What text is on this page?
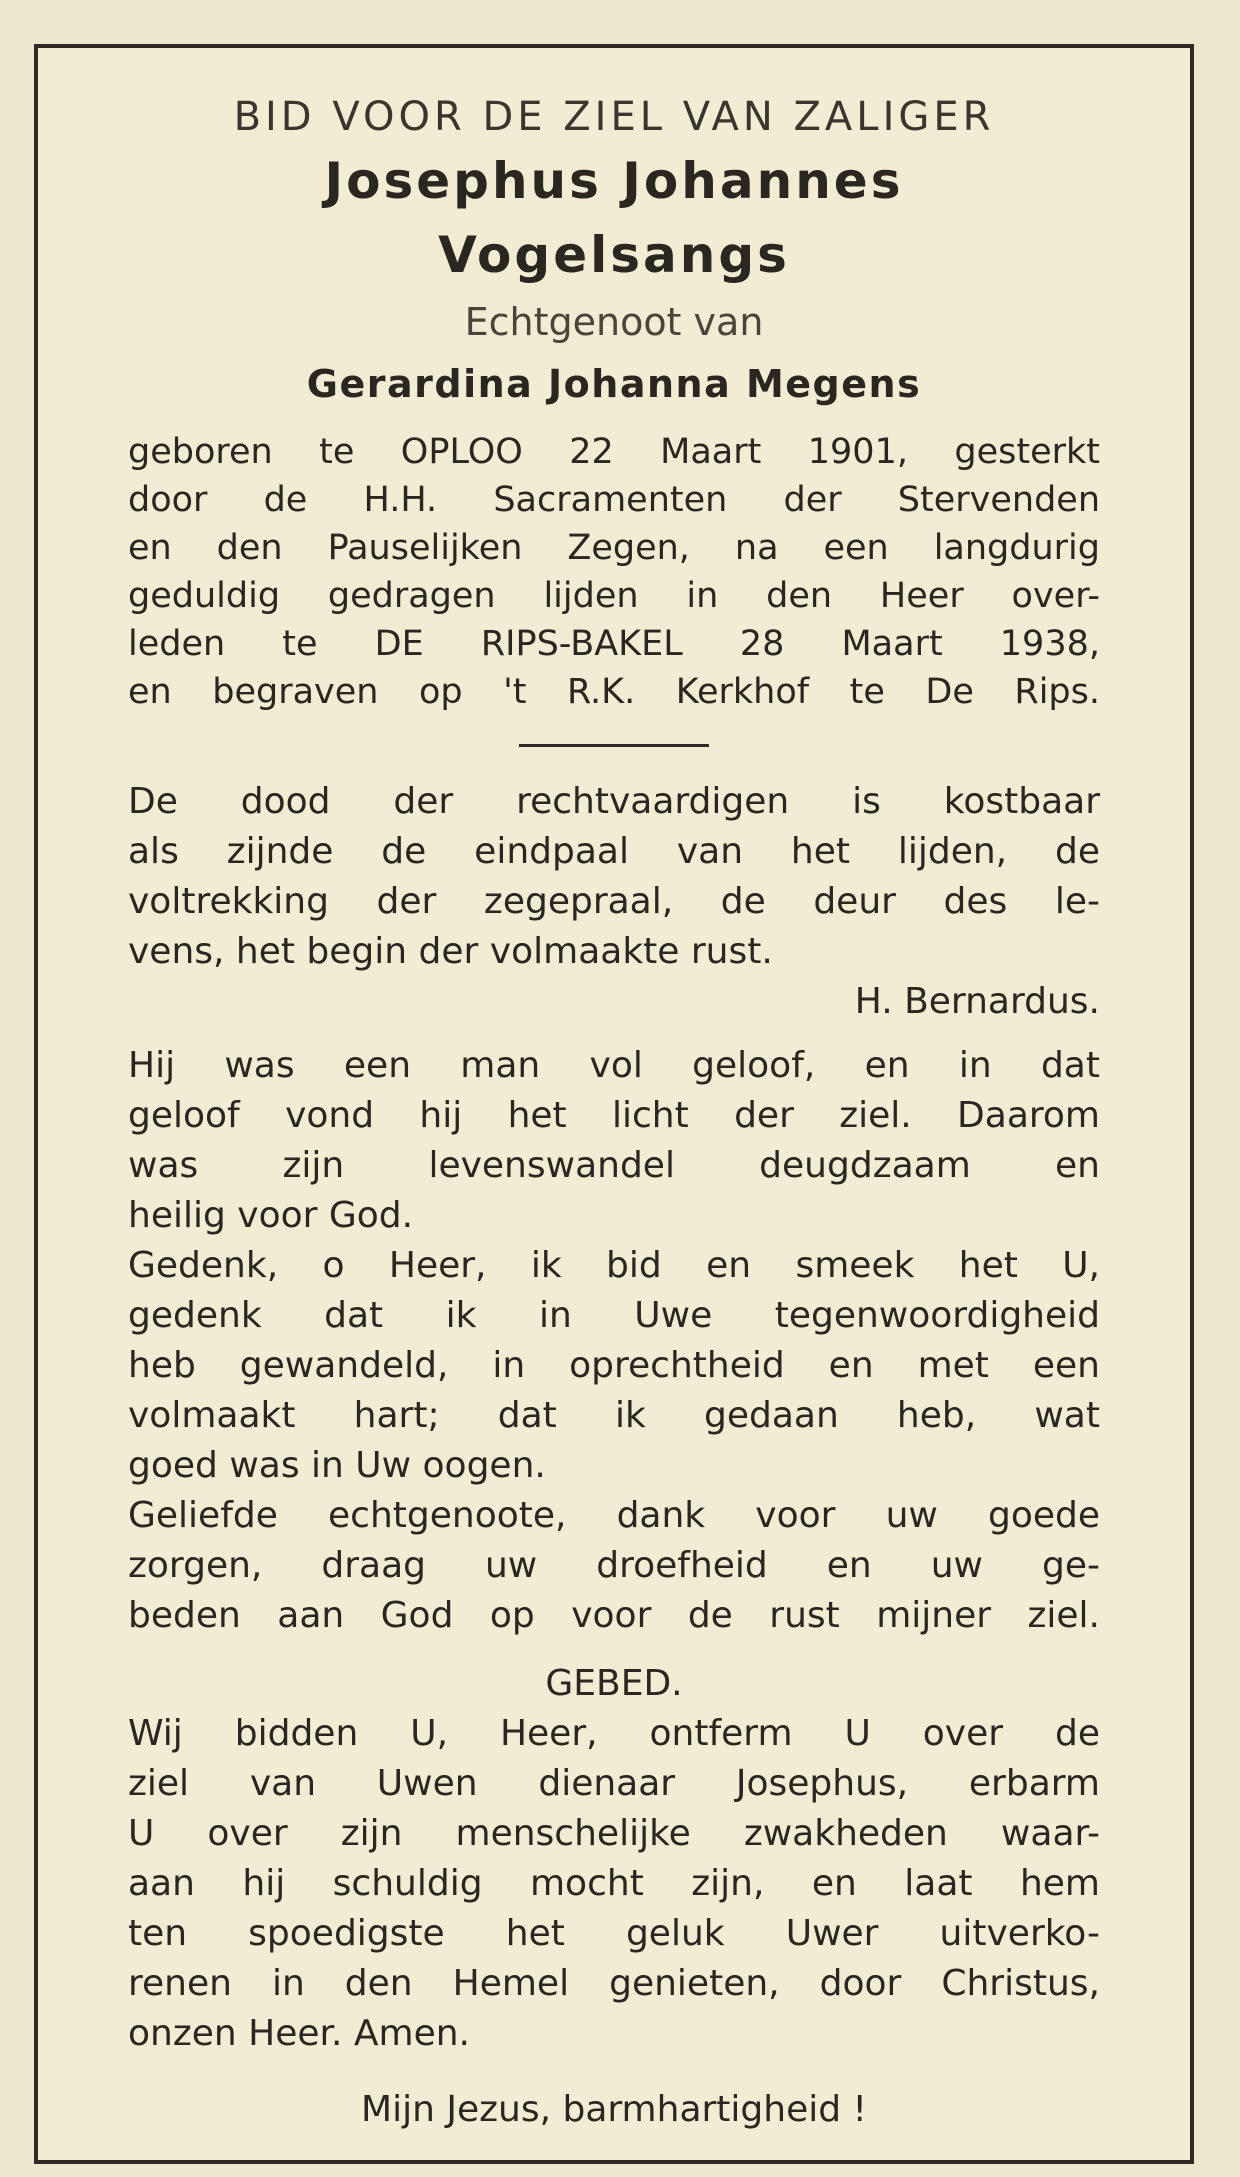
BID VOOR DE ZIEL VAN ZALIGER
Josephus Johannes
Vogelsangs
Echtgenoot van
Gerardina Johanna Megens
geboren te OPLOO 22 Maart 1901, gesterkt
door de H.H. Sacramenten der Stervenden
en den Pauselijken Zegen, na een langdurig
geduldig gedragen lijden in den Heer over-
leden te DE RIPS-BAKEL 28 Maart 1938,
en begraven op 't R.K. Kerkhof te De Rips.
De dood der rechtvaardigen is kostbaar
als zijnde de eindpaal van het lijden, de
voltrekking der zegepraal, de deur des le-
vens, het begin der volmaakte rust.
H. Bernardus.
Hij was een man vol geloof, en in dat
geloof vond hij het licht der ziel. Daarom
was zijn levenswandel deugdzaam en
heilig voor God.
Gedenk, o Heer, ik bid en smeek het U,
gedenk dat ik in Uwe tegenwoordigheid
heb gewandeld, in oprechtheid en met een
volmaakt hart; dat ik gedaan heb, wat
goed was in Uw oogen.
Geliefde echtgenoote, dank voor uw goede
zorgen, draag uw droefheid en uw ge-
beden aan God op voor de rust mijner ziel.
GEBED.
Wij bidden U, Heer, ontferm U over de
ziel van Uwen dienaar Josephus, erbarm
U over zijn menschelijke zwakheden waar-
aan hij schuldig mocht zijn, en laat hem
ten spoedigste het geluk Uwer uitverko-
renen in den Hemel genieten, door Christus,
onzen Heer. Amen.
Mijn Jezus, barmhartigheid !
